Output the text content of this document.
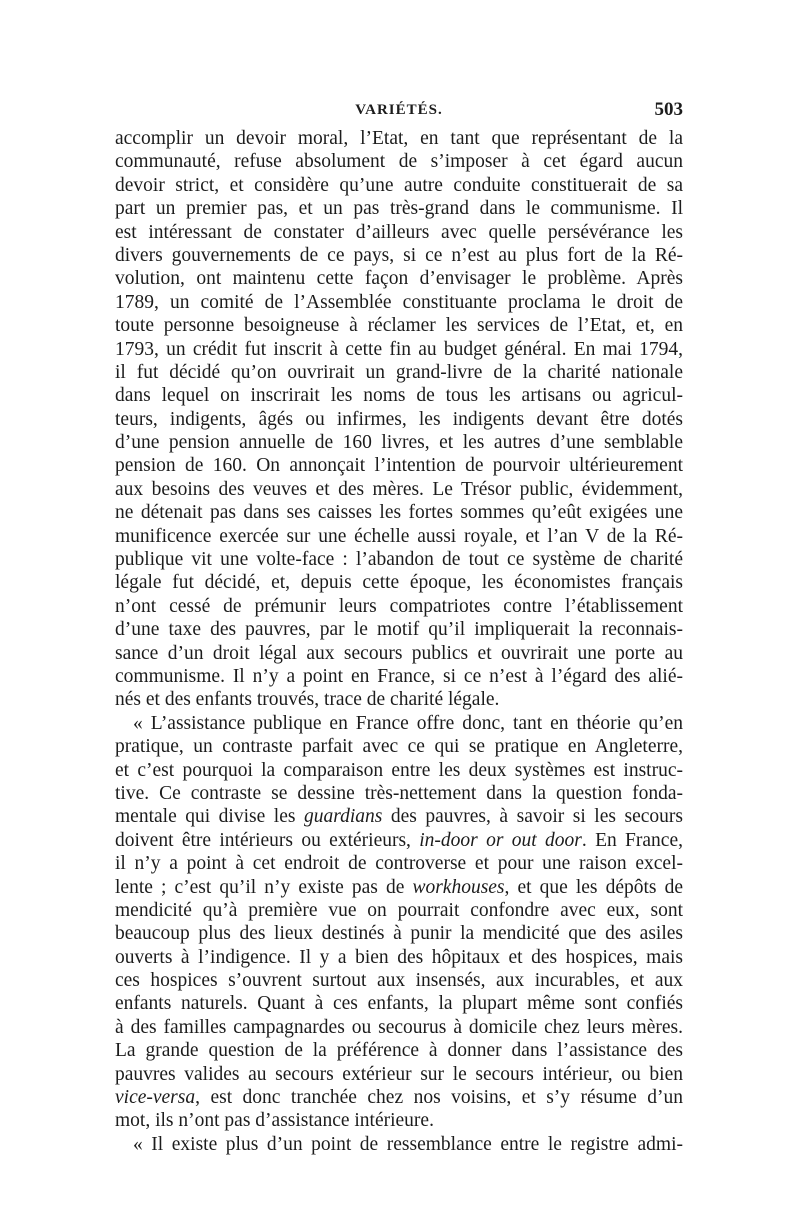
VARIÉTÉS.	503
accomplir un devoir moral, l’Etat, en tant que représentant de la
communauté, refuse absolument de s’imposer à cet égard aucun
devoir strict, et considère qu’une autre conduite constituerait de sa
part un premier pas, et un pas très-grand dans le communisme. Il
est intéressant de constater d’ailleurs avec quelle persévérance les
divers gouvernements de ce pays, si ce n’est au plus fort de la Ré-
volution, ont maintenu cette façon d’envisager le problème. Après
1789, un comité de l’Assemblée constituante proclama le droit de
toute personne besoigneuse à réclamer les services de l’Etat, et, en
1793, un crédit fut inscrit à cette fin au budget général. En mai 1794,
il fut décidé qu’on ouvrirait un grand-livre de la charité nationale
dans lequel on inscrirait les noms de tous les artisans ou agricul-
teurs, indigents, âgés ou infirmes, les indigents devant être dotés
d’une pension annuelle de 160 livres, et les autres d’une semblable
pension de 160. On annonçait l’intention de pourvoir ultérieurement
aux besoins des veuves et des mères. Le Trésor public, évidemment,
ne détenait pas dans ses caisses les fortes sommes qu’eût exigées une
munificence exercée sur une échelle aussi royale, et l’an V de la Ré-
publique vit une volte-face : l’abandon de tout ce système de charité
légale fut décidé, et, depuis cette époque, les économistes français
n’ont cessé de prémunir leurs compatriotes contre l’établissement
d’une taxe des pauvres, par le motif qu’il impliquerait la reconnais-
sance d’un droit légal aux secours publics et ouvrirait une porte au
communisme. Il n’y a point en France, si ce n’est à l’égard des alié-
nés et des enfants trouvés, trace de charité légale.
« L’assistance publique en France offre donc, tant en théorie qu’en
pratique, un contraste parfait avec ce qui se pratique en Angleterre,
et c’est pourquoi la comparaison entre les deux systèmes est instruc-
tive. Ce contraste se dessine très-nettement dans la question fonda-
mentale qui divise les guardians des pauvres, à savoir si les secours
doivent être intérieurs ou extérieurs, in-door or out door. En France,
il n’y a point à cet endroit de controverse et pour une raison excel-
lente ; c’est qu’il n’y existe pas de workhouses, et que les dépôts de
mendicité qu’à première vue on pourrait confondre avec eux, sont
beaucoup plus des lieux destinés à punir la mendicité que des asiles
ouverts à l’indigence. Il y a bien des hôpitaux et des hospices, mais
ces hospices s’ouvrent surtout aux insensés, aux incurables, et aux
enfants naturels. Quant à ces enfants, la plupart même sont confiés
à des familles campagnardes ou secourus à domicile chez leurs mères.
La grande question de la préférence à donner dans l’assistance des
pauvres valides au secours extérieur sur le secours intérieur, ou bien
vice-versa, est donc tranchée chez nos voisins, et s’y résume d’un
mot, ils n’ont pas d’assistance intérieure.
« Il existe plus d’un point de ressemblance entre le registre admi-
